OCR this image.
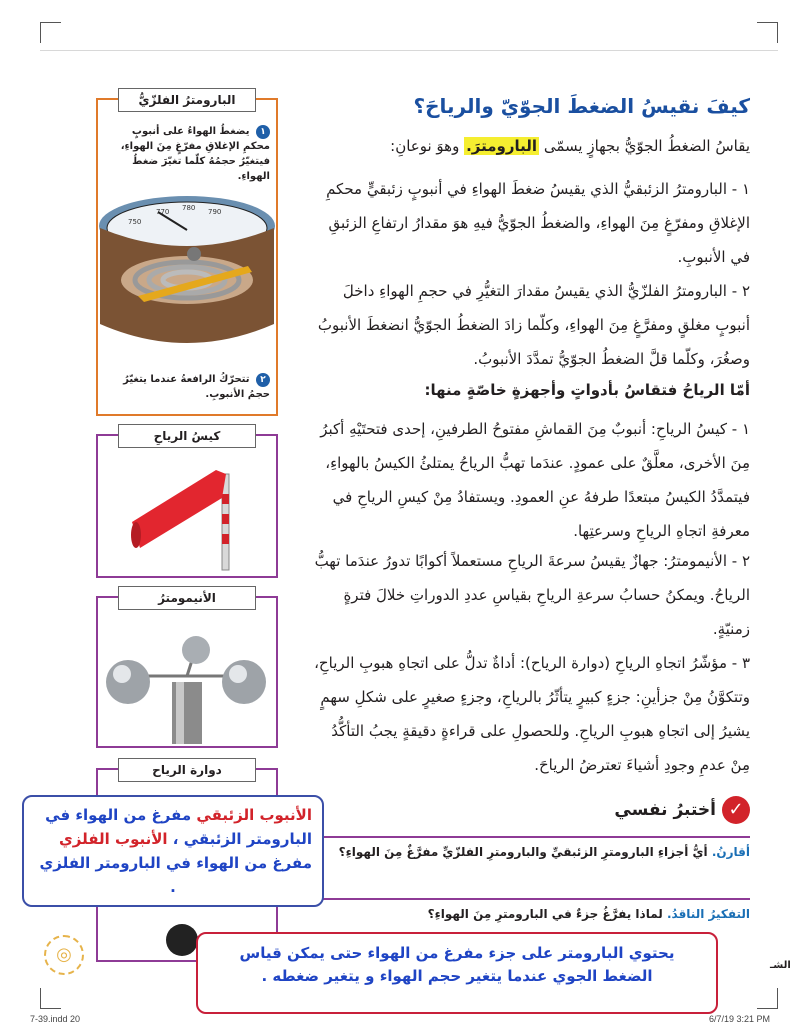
كيفَ نقيسُ الضغطَ الجوّيّ والرياحَ؟
يقاسُ الضغطُ الجوّيُّ بجهازٍ يسمّى البارومترَ. وهوَ نوعانِ:
١ - البارومترُ الزئبقيُّ الذي يقيسُ ضغطَ الهواءِ في أنبوبٍ زئبقيٍّ محكمِ الإغلاقِ ومفرّغٍ مِنَ الهواءِ، والضغطُ الجوّيُّ فيهِ هوَ مقدارُ ارتفاعِ الزئبقِ في الأنبوبِ.
٢ - البارومترُ الفلزّيُّ الذي يقيسُ مقدارَ التغيُّرِ في حجمِ الهواءِ داخلَ أنبوبٍ مغلقٍ ومفرَّغٍ مِنَ الهواءِ، وكلّما زادَ الضغطُ الجوّيُّ انضغطَ الأنبوبُ وصغُرَ، وكلّما قلَّ الضغطُ الجوّيُّ تمدَّدَ الأنبوبُ.
أمّا الرياحُ فتقاسُ بأدواتٍ وأجهزةٍ خاصّةٍ منها:
١ - كيسُ الرياحِ: أنبوبٌ مِنَ القماشِ مفتوحُ الطرفينِ، إحدى فتحتَيْهِ أكبرُ مِنَ الأخرى، معلَّقٌ على عمودٍ. عندَما تهبُّ الرياحُ يمتلئُ الكيسُ بالهواءِ، فيتمدَّدُ الكيسُ مبتعدًا طرفهُ عنِ العمودِ. ويستفادُ مِنْ كيسِ الرياحِ في معرفةِ اتجاهِ الرياحِ وسرعتِها.
٢ - الأنيمومترُ: جهازٌ يقيسُ سرعةَ الرياحِ مستعملاً أكوابًا تدورُ عندَما تهبُّ الرياحُ. ويمكنُ حسابُ سرعةِ الرياحِ بقياسِ عددِ الدوراتِ خلالَ فترةٍ زمنيّةٍ.
٣ - مؤشّرُ اتجاهِ الرياحِ (دوارة الرياح): أداةٌ تدلُّ على اتجاهِ هبوبِ الرياحِ، وتتكوَّنُ مِنْ جزأينِ: جزءٍ كبيرٍ يتأثّرُ بالرياحِ، وجزءٍ صغيرٍ على شكلِ سهمٍ يشيرُ إلى اتجاهِ هبوبِ الرياحِ. وللحصولِ على قراءةٍ دقيقةٍ يجبُ التأكُّدُ مِنْ عدمِ وجودِ أشياءَ تعترضُ الرياحَ.
البارومترُ الفلزّيُّ
١ يضغطُ الهواءُ على أنبوبٍ محكمِ الإغلاقِ مفرّغٍ مِنَ الهواءِ، فيتغيّرُ حجمُهُ كلّما تغيّرَ ضغطُ الهواءِ.
770 780 790
750
٢ تتحرّكُ الرافعةُ عندما يتغيّرُ حجمُ الأنبوبِ.
كيسُ الرياحِ
الأنيمومترُ
دوارة الرياح
✓
أختبرُ نفسي
أقارنُ. أيُّ أجزاءِ البارومترِ الزئبقيِّ والبارومترِ الفلزّيِّ مفرَّغٌ مِنَ الهواءِ؟
التفكيرُ الناقدُ. لماذا يفرَّغُ جزءٌ في البارومترِ مِنَ الهواءِ؟
الأنبوب الزئبقي مفرغ من الهواء في البارومتر الزئبقي ، الأنبوب الفلزي مفرغ من الهواء في البارومتر الفلزي
.
يحتوي البارومتر على جزء مفرغ من الهواء حتى يمكن قياس الضغط الجوي عندما يتغير حجم الهواء و يتغير ضغطه .
◎
الشـ
7-39.indd 20	6/7/19 3:21 PM
